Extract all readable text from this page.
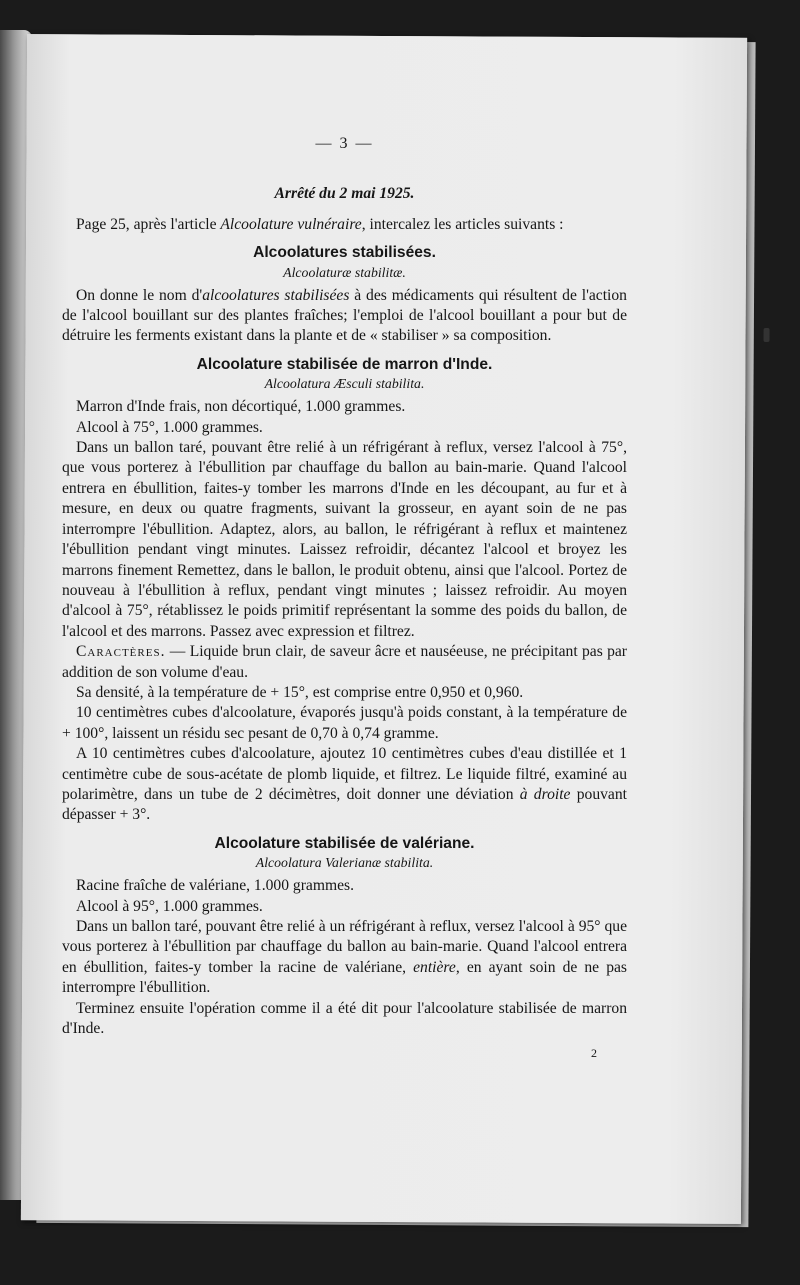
— 3 —
Arrêté du 2 mai 1925.

Page 25, après l'article Alcoolature vulnéraire, intercalez les articles suivants :

Alcoolatures stabilisées.
Alcoolaturæ stabilitæ.

On donne le nom d'alcoolatures stabilisées à des médicaments qui résultent de l'action de l'alcool bouillant sur des plantes fraîches; l'emploi de l'alcool bouillant a pour but de détruire les ferments existant dans la plante et de « stabiliser » sa composition.

Alcoolature stabilisée de marron d'Inde.
Alcoolatura Æsculi stabilita.

Marron d'Inde frais, non décortiqué, 1.000 grammes.

Alcool à 75°, 1.000 grammes.

Dans un ballon taré, pouvant être relié à un réfrigérant à reflux, versez l'alcool à 75°, que vous porterez à l'ébullition par chauffage du ballon au bain-marie. Quand l'alcool entrera en ébullition, faites-y tomber les marrons d'Inde en les découpant, au fur et à mesure, en deux ou quatre fragments, suivant la grosseur, en ayant soin de ne pas interrompre l'ébullition. Adaptez, alors, au ballon, le réfrigérant à reflux et maintenez l'ébullition pendant vingt minutes. Laissez refroidir, décantez l'alcool et broyez les marrons finement Remettez, dans le ballon, le produit obtenu, ainsi que l'alcool. Portez de nouveau à l'ébullition à reflux, pendant vingt minutes ; laissez refroidir. Au moyen d'alcool à 75°, rétablissez le poids primitif représentant la somme des poids du ballon, de l'alcool et des marrons. Passez avec expression et filtrez.

Caractères. — Liquide brun clair, de saveur âcre et nauséeuse, ne précipitant pas par addition de son volume d'eau.

Sa densité, à la température de + 15°, est comprise entre 0,950 et 0,960.

10 centimètres cubes d'alcoolature, évaporés jusqu'à poids constant, à la température de + 100°, laissent un résidu sec pesant de 0,70 à 0,74 gramme.

A 10 centimètres cubes d'alcoolature, ajoutez 10 centimètres cubes d'eau distillée et 1 centimètre cube de sous-acétate de plomb liquide, et filtrez. Le liquide filtré, examiné au polarimètre, dans un tube de 2 décimètres, doit donner une déviation à droite pouvant dépasser + 3°.

Alcoolature stabilisée de valériane.
Alcoolatura Valerianæ stabilita.

Racine fraîche de valériane, 1.000 grammes.

Alcool à 95°, 1.000 grammes.

Dans un ballon taré, pouvant être relié à un réfrigérant à reflux, versez l'alcool à 95° que vous porterez à l'ébullition par chauffage du ballon au bain-marie. Quand l'alcool entrera en ébullition, faites-y tomber la racine de valériane, entière, en ayant soin de ne pas interrompre l'ébullition.

Terminez ensuite l'opération comme il a été dit pour l'alcoolature stabilisée de marron d'Inde.

2
